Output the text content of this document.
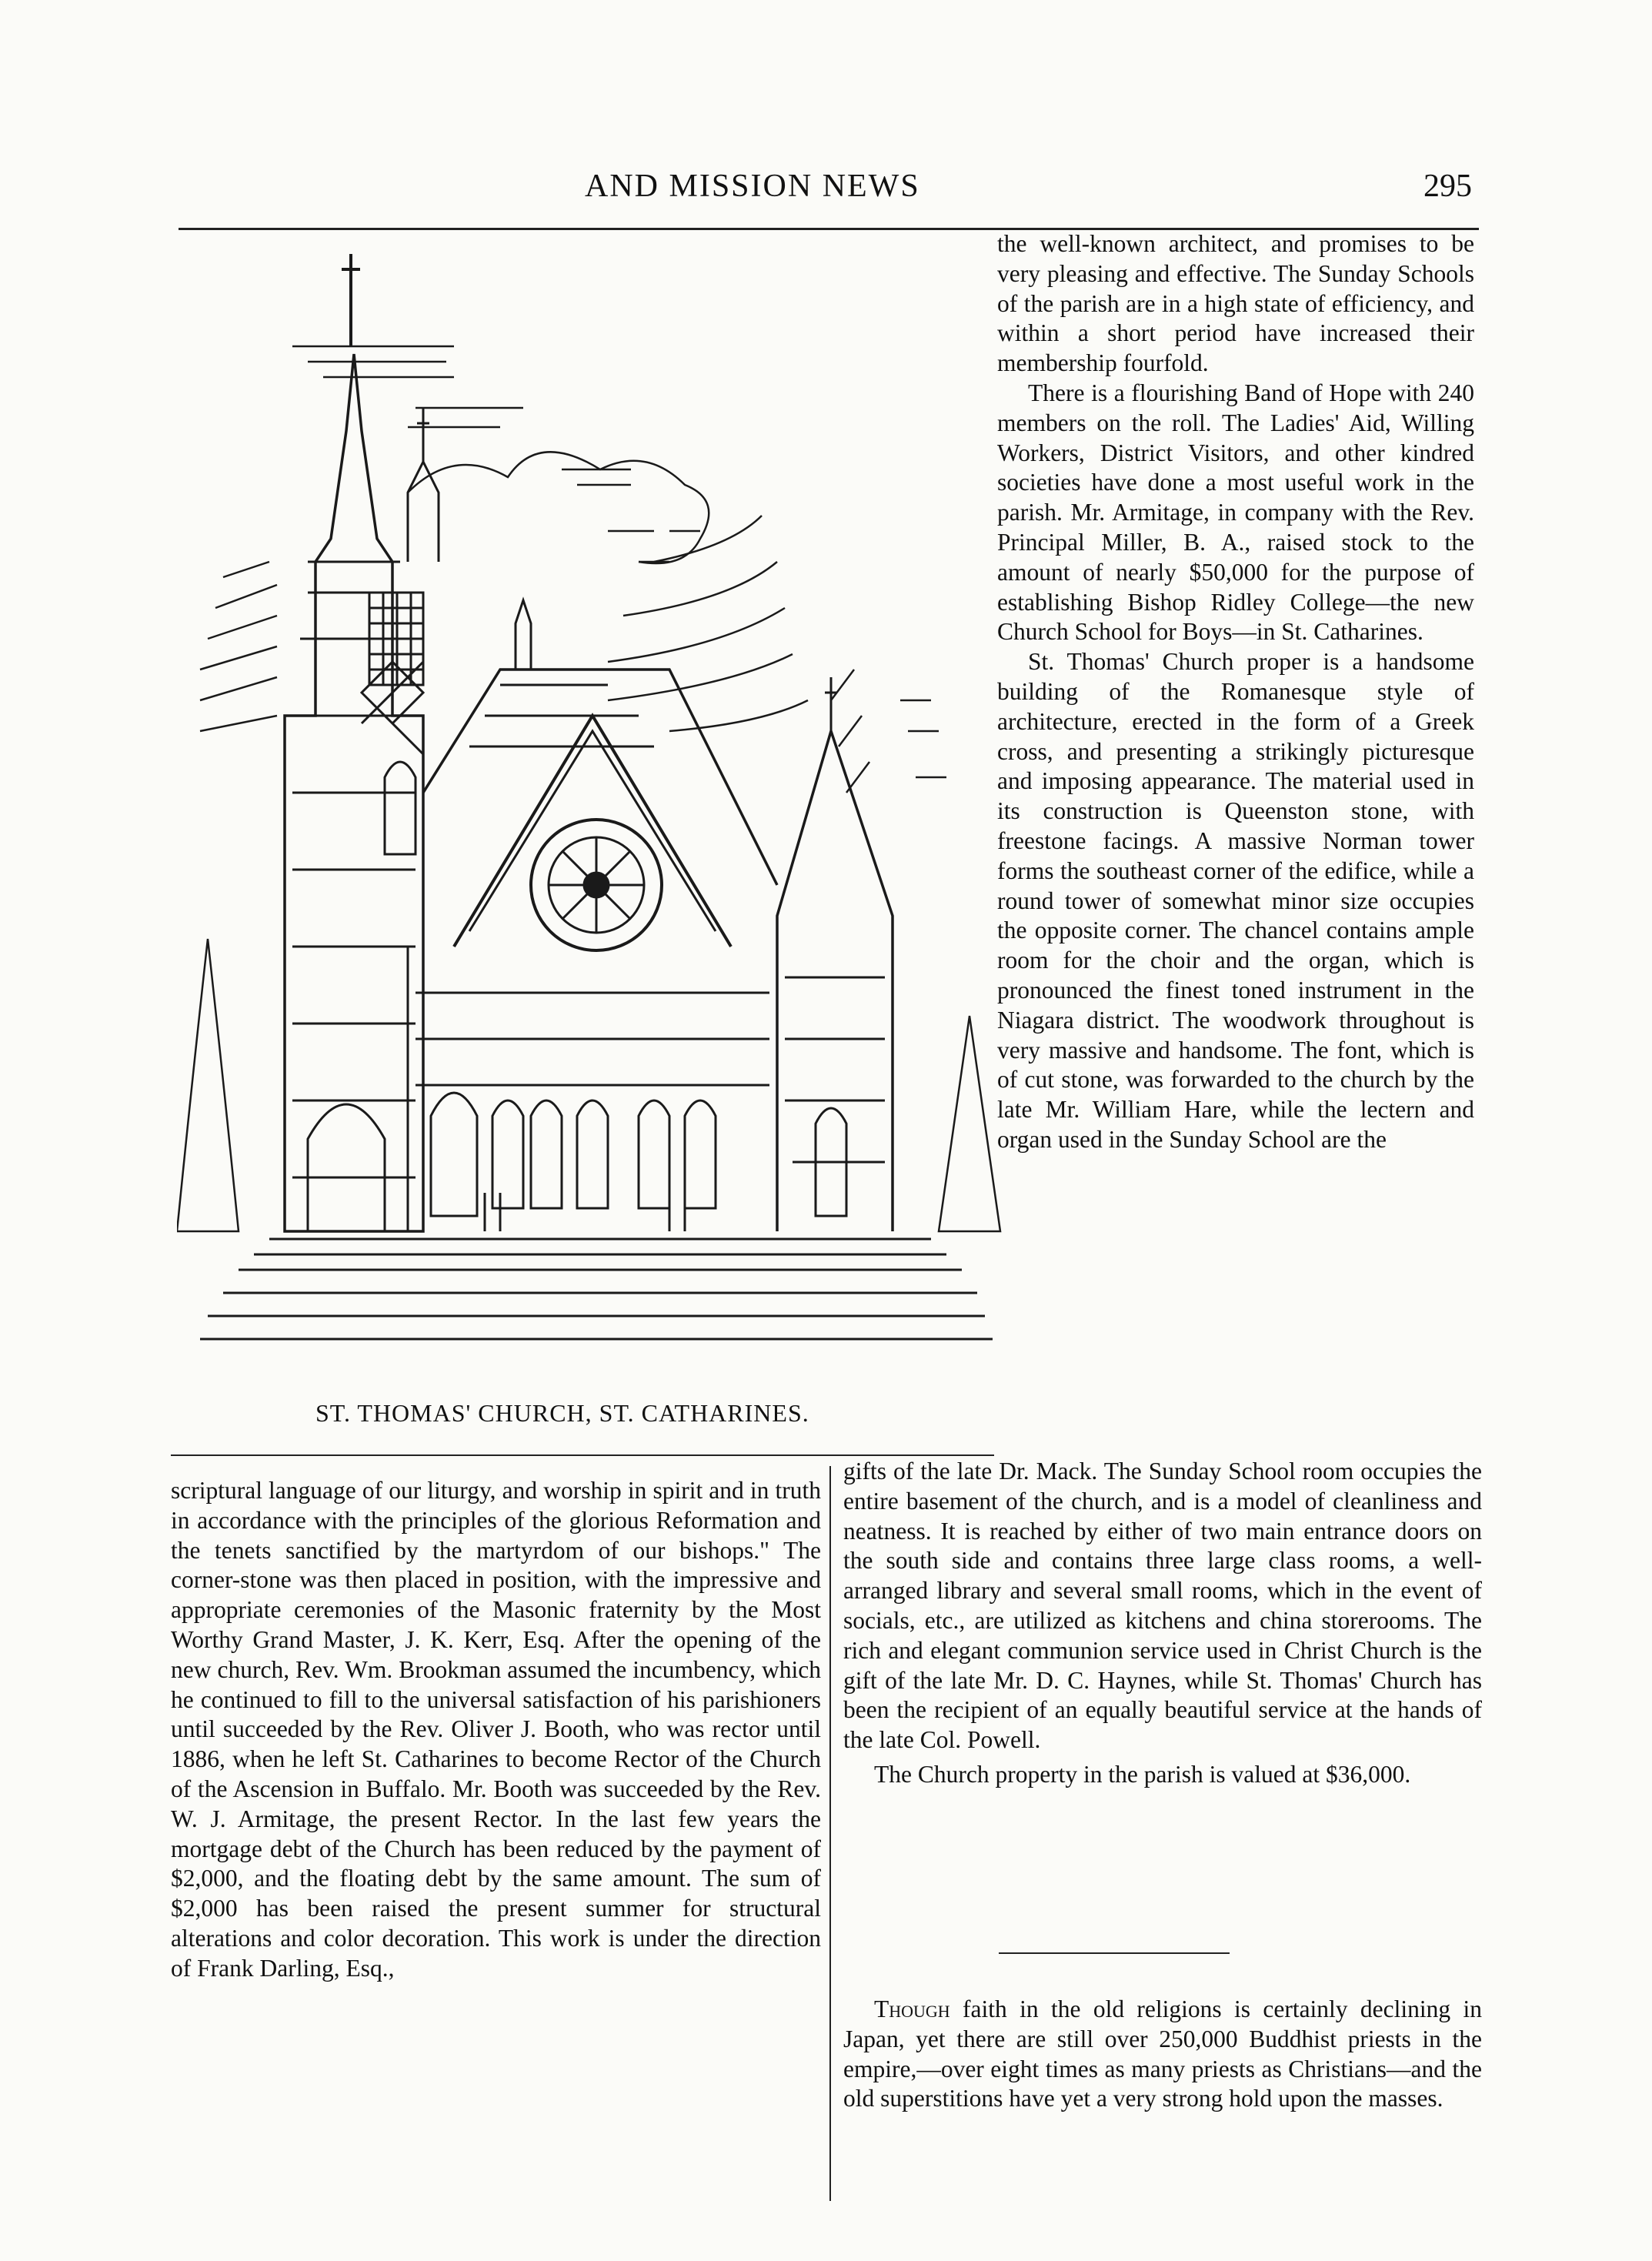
AND MISSION NEWS	295
ST. THOMAS' CHURCH, ST. CATHARINES.

the well-known architect, and promises to be very pleasing and effective. The Sunday Schools of the parish are in a high state of efficiency, and within a short period have increased their membership fourfold.

There is a flourishing Band of Hope with 240 members on the roll. The Ladies' Aid, Willing Workers, District Visitors, and other kindred societies have done a most useful work in the parish. Mr. Armitage, in company with the Rev. Principal Miller, B. A., raised stock to the amount of nearly $50,000 for the purpose of establishing Bishop Ridley College—the new Church School for Boys—in St. Catharines.

St. Thomas' Church proper is a handsome building of the Romanesque style of architecture, erected in the form of a Greek cross, and presenting a strikingly picturesque and imposing appearance. The material used in its construction is Queenston stone, with freestone facings. A massive Norman tower forms the southeast corner of the edifice, while a round tower of somewhat minor size occupies the opposite corner. The chancel contains ample room for the choir and the organ, which is pronounced the finest toned instrument in the Niagara district. The woodwork throughout is very massive and handsome. The font, which is of cut stone, was forwarded to the church by the late Mr. William Hare, while the lectern and organ used in the Sunday School are the

scriptural language of our liturgy, and worship in spirit and in truth in accordance with the principles of the glorious Reformation and the tenets sanctified by the martyrdom of our bishops." The corner-stone was then placed in position, with the impressive and appropriate ceremonies of the Masonic fraternity by the Most Worthy Grand Master, J. K. Kerr, Esq. After the opening of the new church, Rev. Wm. Brookman assumed the incumbency, which he continued to fill to the universal satisfaction of his parishioners until succeeded by the Rev. Oliver J. Booth, who was rector until 1886, when he left St. Catharines to become Rector of the Church of the Ascension in Buffalo. Mr. Booth was succeeded by the Rev. W. J. Armitage, the present Rector. In the last few years the mortgage debt of the Church has been reduced by the payment of $2,000, and the floating debt by the same amount. The sum of $2,000 has been raised the present summer for structural alterations and color decoration. This work is under the direction of Frank Darling, Esq.,

gifts of the late Dr. Mack. The Sunday School room occupies the entire basement of the church, and is a model of cleanliness and neatness. It is reached by either of two main entrance doors on the south side and contains three large class rooms, a well-arranged library and several small rooms, which in the event of socials, etc., are utilized as kitchens and china storerooms. The rich and elegant communion service used in Christ Church is the gift of the late Mr. D. C. Haynes, while St. Thomas' Church has been the recipient of an equally beautiful service at the hands of the late Col. Powell.

The Church property in the parish is valued at $36,000.

Though faith in the old religions is certainly declining in Japan, yet there are still over 250,000 Buddhist priests in the empire,—over eight times as many priests as Christians—and the old superstitions have yet a very strong hold upon the masses.
